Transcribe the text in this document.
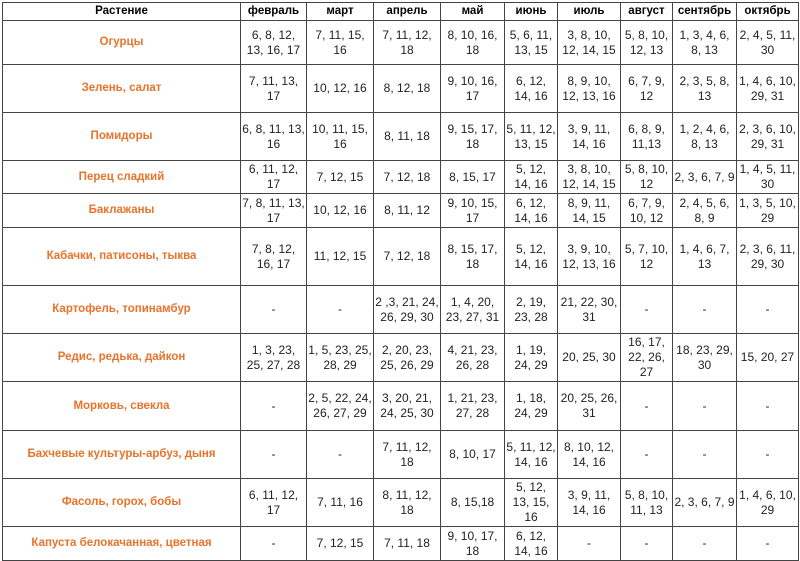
Растение	февраль	март	апрель	май	июнь	июль	август	сентябрь	октябрь
Огурцы	6, 8, 12, 13, 16, 17	7, 11, 15, 16	7, 11, 12, 18	8, 10, 16, 18	5, 6, 11, 13, 15	3, 8, 10, 12, 14, 15	5, 8, 10, 12, 13	1, 3, 4, 6, 8, 13	2, 4, 5, 11, 30
Зелень, салат	7, 11, 13, 17	10, 12, 16	8, 12, 18	9, 10, 16, 17	6, 12, 14, 16	8, 9, 10, 12, 13, 16	6, 7, 9, 12	2, 3, 5, 8, 13	1, 4, 6, 10, 29, 31
Помидоры	6, 8, 11, 13, 16	10, 11, 15, 16	8, 11, 18	9, 15, 17, 18	5, 11, 12, 13, 15	3, 9, 11, 14, 16	6, 8, 9, 11,13	1, 2, 4, 6, 8, 13	2, 3, 6, 10, 29, 31
Перец сладкий	6, 11, 12, 17	7, 12, 15	7, 12, 18	8, 15, 17	5, 12, 14, 16	3, 8, 10, 12, 14, 15	5, 8, 10, 12	2, 3, 6, 7, 9	1, 4, 5, 11, 30
Баклажаны	7, 8, 11, 13, 17	10, 12, 16	8, 11, 12	9, 10, 15, 17	6, 12, 14, 16	8, 9, 11, 14, 15	6, 7, 9, 10, 12	2, 4, 5, 6, 8, 9	1, 3, 5, 10, 29
Кабачки, патисоны, тыква	7, 8, 12, 16, 17	11, 12, 15	7, 12, 18	8, 15, 17, 18	5, 12, 14, 16	3, 9, 10, 12, 13, 16	5, 7, 10, 12	1, 4, 6, 7, 13	2, 3, 6, 11, 29, 30
Картофель, топинамбур	-	-	2 ,3, 21, 24, 26, 29, 30	1, 4, 20, 23, 27, 31	2, 19, 23, 28	21, 22, 30, 31	-	-	-
Редис, редька, дайкон	1, 3, 23, 25, 27, 28	1, 5, 23, 25, 28, 29	2, 20, 23, 25, 26, 29	4, 21, 23, 26, 28	1, 19, 24, 29	20, 25, 30	16, 17, 22, 26, 27	18, 23, 29, 30	15, 20, 27
Морковь, свекла	-	2, 5, 22, 24, 26, 27, 29	3, 20, 21, 24, 25, 30	1, 21, 23, 27, 28	1, 18, 24, 29	20, 25, 26, 31	-	-	-
Бахчевые культуры-арбуз, дыня	-	-	7, 11, 12, 18	8, 10, 17	5, 11, 12, 14, 16	8, 10, 12, 14, 16	-	-	-
Фасоль, горох, бобы	6, 11, 12, 17	7, 11, 16	8, 11, 12, 18	8, 15,18	5, 12, 13, 15, 16	3, 9, 11, 14, 16	5, 8, 10, 11, 13	2, 3, 6, 7, 9	1, 4, 6, 10, 29
Капуста белокачанная, цветная	-	7, 12, 15	7, 11, 18	9, 10, 17, 18	6, 12, 14, 16	-	-	-	-
